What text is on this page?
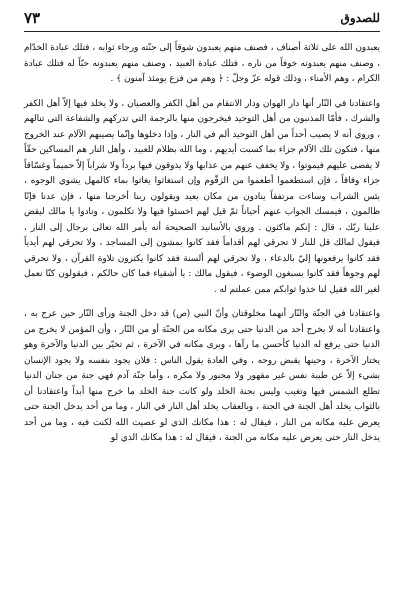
للصدوق
٧٣

يعبدون الله على ثلاثة أصناف ، فصنف منهم يعبدون شوقاً إلى جنّته ورجاء ثوابه ، فتلك عبادة الخدّام ، وصنف منهم يعبدونه خوفاً من ناره ، فتلك عبادة العبيد ، وصنف منهم يعبدونه حبّاً له فتلك عبادة الكرام ، وهم الأمناء ، وذلك قوله عزّ وجلّ : ﴿ وهم من فزع يومئذ آمنون ﴾ .

واعتقادنا في النّار أنها دار الهوان ودار الانتقام من أهل الكفر والعصيان ، ولا يخلد فيها إلاّ أهل الكفر والشرك ، فأمّا المذنبون من أهل التوحيد فيخرجون منها بالرحمة التي تدركهم والشفاعة التي تنالهم ، وروي أنه لا يصيب أحداً من أهل التوحيد ألم في النار ، وإذا دخلوها وإنّما يصيبهم الآلام عند الخروج منها ، فتكون تلك الآلام جزاء بما كسبت أيديهم ، وما الله بظلام للعبيد ، وأهل النار هم المساكين حقّاً لا يقضى عليهم فيموتوا ، ولا يخفف عنهم من عذابها ولا يذوقون فيها برداً ولا شراباً إلاّ حميماً وغسّاقاً جزاء وفاقاً ، فإن استطعموا أطعموا من الزقّوم وإن استغاثوا يغاثوا بماء كالمهل يشوي الوجوه ، بئس الشراب وساءت مرتفقاً ينادون من مكان بعيد ويقولون ربنا أخرجنا منها ، فإن عدنا فإنّا ظالمون ، فيمسك الجواب عنهم أحياناً ثمّ قيل لهم اخسئوا فيها ولا تكلمون ، ونادوا يا مالك ليقض علينا ربّك ، قال : إنكم ماكثون . وروي بالأسانيد الصحيحة أنه يأمر الله تعالى برجال إلى النار ، فيقول لمالك قل للنار لا تحرقي لهم أقداماً فقد كانوا يمشون إلى المساجد ، ولا تحرقي لهم أيدياً فقد كانوا يرفعونها إليّ بالدعاء ، ولا تحرقي لهم ألسنة فقد كانوا يكثرون تلاوة القرآن ، ولا تحرقي لهم وجوهاً فقد كانوا يسبغون الوضوء ، فيقول مالك : يا أشقياء فما كان حالكم ، فيقولون كنّا نعمل لغير الله فقيل لنا خذوا ثوابكم ممن عملتم له .

واعتقادنا في الجنّة والنّار أنهما مخلوقتان وأنّ النبي (ص) قد دخل الجنة ورأى النّار حين عرج به ، واعتقادنا أنه لا يخرج أحد من الدنيا حتى يرى مكانه من الجنّة أو من النّار ، وأن المؤمن لا يخرج من الدنيا حتى يرفع له الدنيا كأحسن ما رآها ، ويرى مكانه في الآخرة ، ثم تخيّر بين الدنيا والآخرة وهو يختار الآخرة ، وحينها يقبض روحه ، وفي العادة يقول الناس : فلان يجود بنفسه ولا يجود الإنسان بشيء إلاّ عن طيبة نفس غير مقهور ولا مجبور ولا مكره ، وأما جنّة آدم فهي جنة من جنان الدنيا تطلع الشمس فيها وتغيب وليس بجنة الخلد ولو كانت جنة الخلد ما خرج منها أبداً واعتقادنا أن بالثواب يخلد أهل الجنة في الجنة ، وبالعقاب يخلد أهل النار في النار ، وما من أحد يدخل الجنة حتى يعرض عليه مكانه من النار ، فيقال له : هذا مكانك الذي لو عصيت الله لكنت فيه ، وما من أحد يدخل النار حتى يعرض عليه مكانه من الجنة ، فيقال له : هذا مكانك الذي لو
